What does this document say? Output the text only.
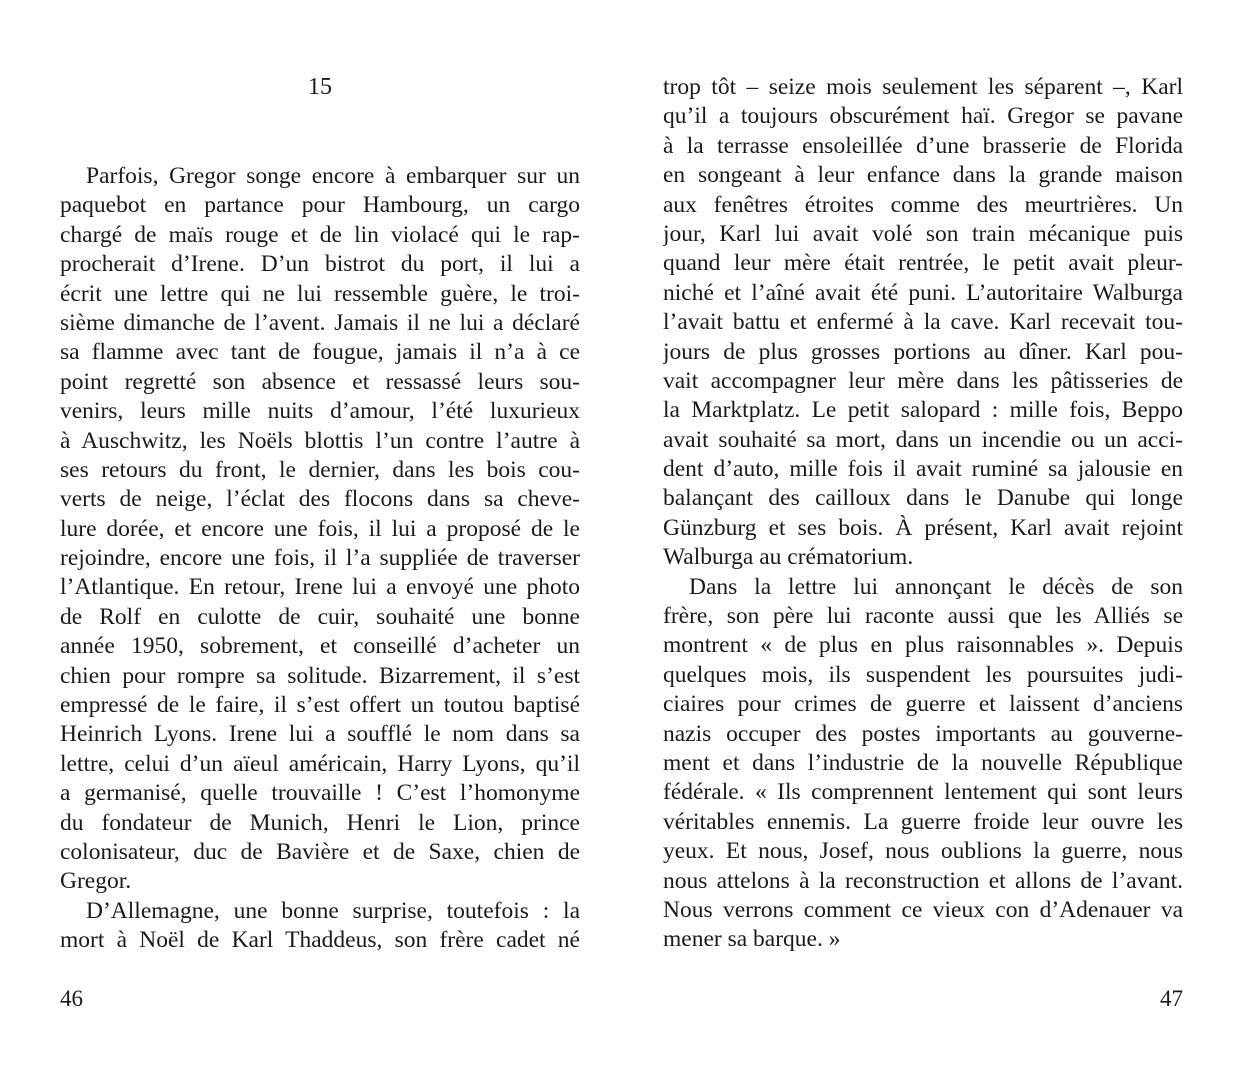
15
Parfois, Gregor songe encore à embarquer sur un
paquebot en partance pour Hambourg, un cargo
chargé de maïs rouge et de lin violacé qui le rap-
procherait d’Irene. D’un bistrot du port, il lui a
écrit une lettre qui ne lui ressemble guère, le troi-
sième dimanche de l’avent. Jamais il ne lui a déclaré
sa flamme avec tant de fougue, jamais il n’a à ce
point regretté son absence et ressassé leurs sou-
venirs, leurs mille nuits d’amour, l’été luxurieux
à Auschwitz, les Noëls blottis l’un contre l’autre à
ses retours du front, le dernier, dans les bois cou-
verts de neige, l’éclat des flocons dans sa cheve-
lure dorée, et encore une fois, il lui a proposé de le
rejoindre, encore une fois, il l’a suppliée de traverser
l’Atlantique. En retour, Irene lui a envoyé une photo
de Rolf en culotte de cuir, souhaité une bonne
année 1950, sobrement, et conseillé d’acheter un
chien pour rompre sa solitude. Bizarrement, il s’est
empressé de le faire, il s’est offert un toutou baptisé
Heinrich Lyons. Irene lui a soufflé le nom dans sa
lettre, celui d’un aïeul américain, Harry Lyons, qu’il
a germanisé, quelle trouvaille ! C’est l’homonyme
du fondateur de Munich, Henri le Lion, prince
colonisateur, duc de Bavière et de Saxe, chien de
Gregor.
D’Allemagne, une bonne surprise, toutefois : la
mort à Noël de Karl Thaddeus, son frère cadet né
46
trop tôt – seize mois seulement les séparent –, Karl
qu’il a toujours obscurément haï. Gregor se pavane
à la terrasse ensoleillée d’une brasserie de Florida
en songeant à leur enfance dans la grande maison
aux fenêtres étroites comme des meurtrières. Un
jour, Karl lui avait volé son train mécanique puis
quand leur mère était rentrée, le petit avait pleur-
niché et l’aîné avait été puni. L’autoritaire Walburga
l’avait battu et enfermé à la cave. Karl recevait tou-
jours de plus grosses portions au dîner. Karl pou-
vait accompagner leur mère dans les pâtisseries de
la Marktplatz. Le petit salopard : mille fois, Beppo
avait souhaité sa mort, dans un incendie ou un acci-
dent d’auto, mille fois il avait ruminé sa jalousie en
balançant des cailloux dans le Danube qui longe
Günzburg et ses bois. À présent, Karl avait rejoint
Walburga au crématorium.
Dans la lettre lui annonçant le décès de son
frère, son père lui raconte aussi que les Alliés se
montrent « de plus en plus raisonnables ». Depuis
quelques mois, ils suspendent les poursuites judi-
ciaires pour crimes de guerre et laissent d’anciens
nazis occuper des postes importants au gouverne-
ment et dans l’industrie de la nouvelle République
fédérale. « Ils comprennent lentement qui sont leurs
véritables ennemis. La guerre froide leur ouvre les
yeux. Et nous, Josef, nous oublions la guerre, nous
nous attelons à la reconstruction et allons de l’avant.
Nous verrons comment ce vieux con d’Adenauer va
mener sa barque. »
47
